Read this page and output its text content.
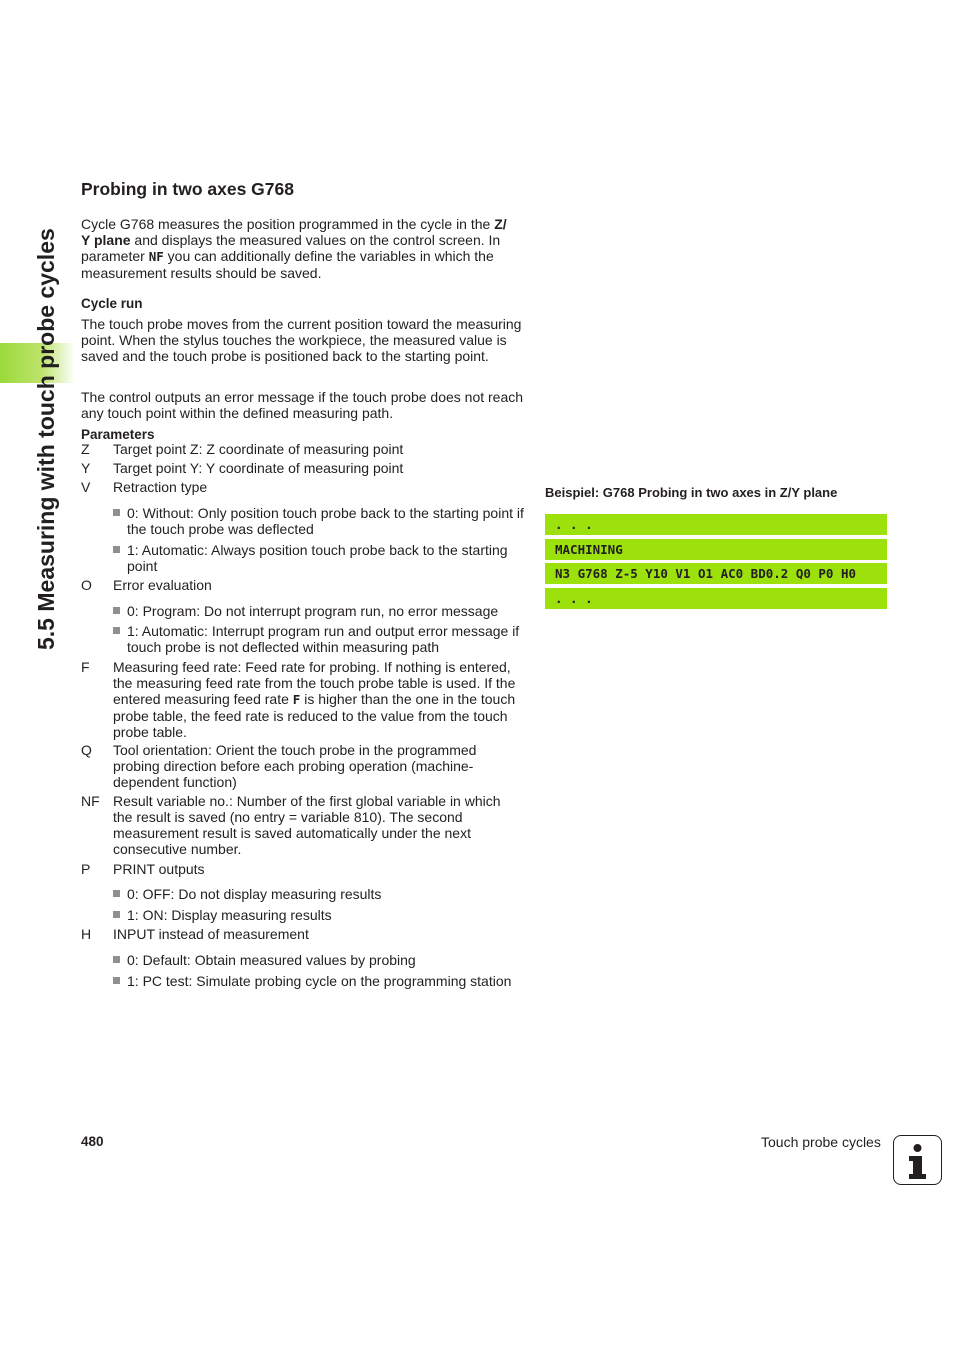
5.5 Measuring with touch probe cycles
Probing in two axes G768

Cycle G768 measures the position programmed in the cycle in the Z/
Y plane and displays the measured values on the control screen. In parameter NF you can additionally define the variables in which the measurement results should be saved.

Cycle run

The touch probe moves from the current position toward the measuring point. When the stylus touches the workpiece, the measured value is saved and the touch probe is positioned back to the starting point.

The control outputs an error message if the touch probe does not reach any touch point within the defined measuring path.

Parameters
Z Target point Z: Z coordinate of measuring point
Y Target point Y: Y coordinate of measuring point
V Retraction type
0: Without: Only position touch probe back to the starting point if the touch probe was deflected
1: Automatic: Always position touch probe back to the starting point
O Error evaluation
0: Program: Do not interrupt program run, no error message
1: Automatic: Interrupt program run and output error message if touch probe is not deflected within measuring path
F Measuring feed rate: Feed rate for probing. If nothing is entered, the measuring feed rate from the touch probe table is used. If the entered measuring feed rate F is higher than the one in the touch probe table, the feed rate is reduced to the value from the touch probe table.
Q Tool orientation: Orient the touch probe in the programmed probing direction before each probing operation (machine-dependent function)
NF Result variable no.: Number of the first global variable in which the result is saved (no entry = variable 810). The second measurement result is saved automatically under the next consecutive number.
P PRINT outputs
0: OFF: Do not display measuring results
1: ON: Display measuring results
H INPUT instead of measurement
0: Default: Obtain measured values by probing
1: PC test: Simulate probing cycle on the programming station
Beispiel: G768 Probing in two axes in Z/Y plane
. . .
MACHINING
N3 G768 Z-5 Y10 V1 O1 AC0 BD0.2 Q0 P0 H0
. . .
480	Touch probe cycles
